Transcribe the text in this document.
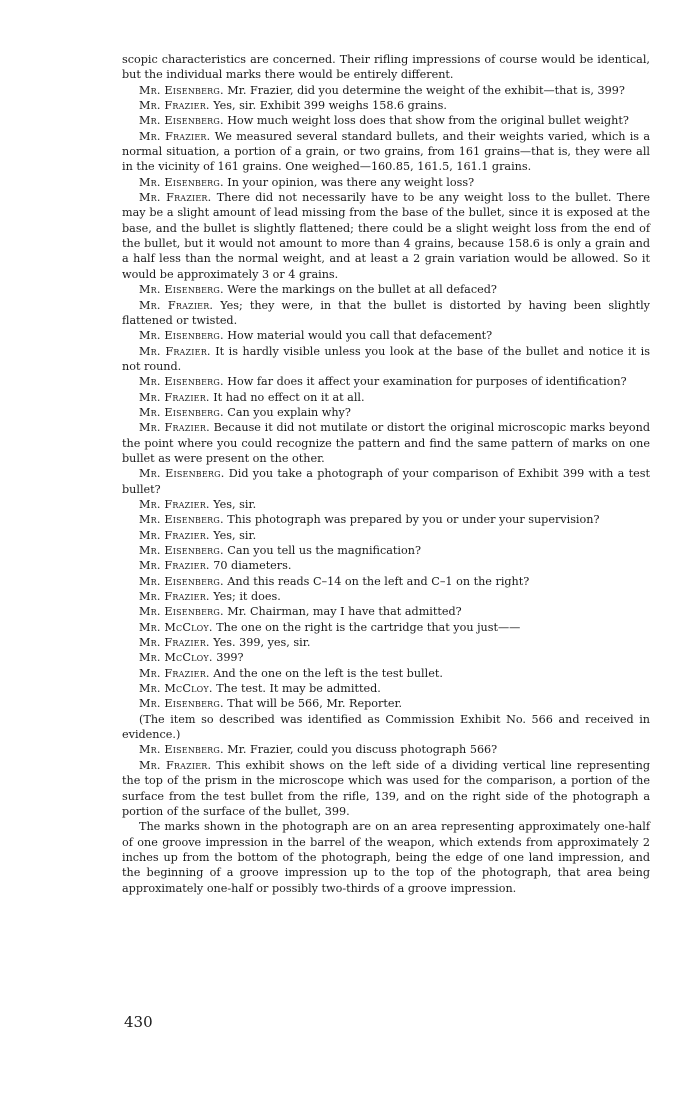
scopic characteristics are concerned. Their rifling impressions of course would be identical, but the individual marks there would be entirely different.

Mr. Eisenberg. Mr. Frazier, did you determine the weight of the exhibit—that is, 399?

Mr. Frazier. Yes, sir. Exhibit 399 weighs 158.6 grains.

Mr. Eisenberg. How much weight loss does that show from the original bullet weight?

Mr. Frazier. We measured several standard bullets, and their weights varied, which is a normal situation, a portion of a grain, or two grains, from 161 grains—that is, they were all in the vicinity of 161 grains. One weighed—160.85, 161.5, 161.1 grains.

Mr. Eisenberg. In your opinion, was there any weight loss?

Mr. Frazier. There did not necessarily have to be any weight loss to the bullet. There may be a slight amount of lead missing from the base of the bullet, since it is exposed at the base, and the bullet is slightly flattened; there could be a slight weight loss from the end of the bullet, but it would not amount to more than 4 grains, because 158.6 is only a grain and a half less than the normal weight, and at least a 2 grain variation would be allowed. So it would be approximately 3 or 4 grains.

Mr. Eisenberg. Were the markings on the bullet at all defaced?

Mr. Frazier. Yes; they were, in that the bullet is distorted by having been slightly flattened or twisted.

Mr. Eisenberg. How material would you call that defacement?

Mr. Frazier. It is hardly visible unless you look at the base of the bullet and notice it is not round.

Mr. Eisenberg. How far does it affect your examination for purposes of identification?

Mr. Frazier. It had no effect on it at all.

Mr. Eisenberg. Can you explain why?

Mr. Frazier. Because it did not mutilate or distort the original microscopic marks beyond the point where you could recognize the pattern and find the same pattern of marks on one bullet as were present on the other.

Mr. Eisenberg. Did you take a photograph of your comparison of Exhibit 399 with a test bullet?

Mr. Frazier. Yes, sir.

Mr. Eisenberg. This photograph was prepared by you or under your supervision?

Mr. Frazier. Yes, sir.

Mr. Eisenberg. Can you tell us the magnification?

Mr. Frazier. 70 diameters.

Mr. Eisenberg. And this reads C–14 on the left and C–1 on the right?

Mr. Frazier. Yes; it does.

Mr. Eisenberg. Mr. Chairman, may I have that admitted?

Mr. McCloy. The one on the right is the cartridge that you just——

Mr. Frazier. Yes. 399, yes, sir.

Mr. McCloy. 399?

Mr. Frazier. And the one on the left is the test bullet.

Mr. McCloy. The test. It may be admitted.

Mr. Eisenberg. That will be 566, Mr. Reporter.

(The item so described was identified as Commission Exhibit No. 566 and received in evidence.)

Mr. Eisenberg. Mr. Frazier, could you discuss photograph 566?

Mr. Frazier. This exhibit shows on the left side of a dividing vertical line representing the top of the prism in the microscope which was used for the comparison, a portion of the surface from the test bullet from the rifle, 139, and on the right side of the photograph a portion of the surface of the bullet, 399.

The marks shown in the photograph are on an area representing approximately one-half of one groove impression in the barrel of the weapon, which extends from approximately 2 inches up from the bottom of the photograph, being the edge of one land impression, and the beginning of a groove impression up to the top of the photograph, that area being approximately one-half or possibly two-thirds of a groove impression.

430
